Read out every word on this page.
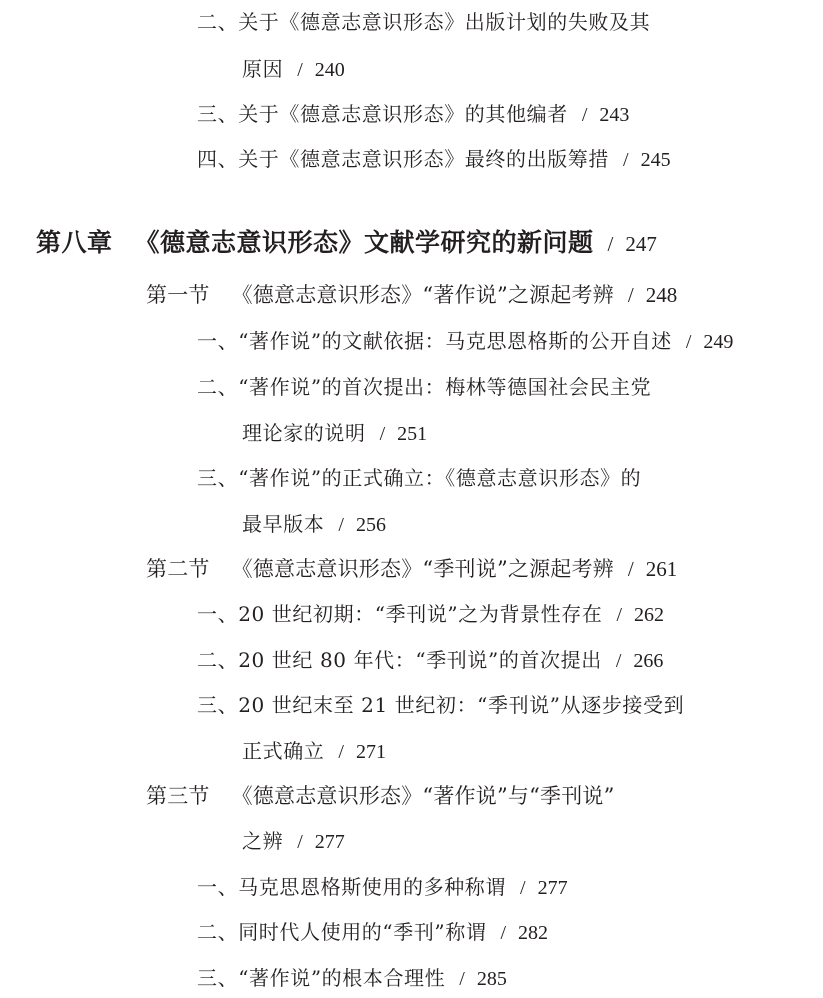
二、关于《德意志意识形态》出版计划的失败及其
原因 / 240
三、关于《德意志意识形态》的其他编者 / 243
四、关于《德意志意识形态》最终的出版筹措 / 245
第八章 《德意志意识形态》文献学研究的新问题 / 247
第一节 《德意志意识形态》“著作说”之源起考辨 / 248
一、“著作说”的文献依据：马克思恩格斯的公开自述 / 249
二、“著作说”的首次提出：梅林等德国社会民主党
理论家的说明 / 251
三、“著作说”的正式确立：《德意志意识形态》的
最早版本 / 256
第二节 《德意志意识形态》“季刊说”之源起考辨 / 261
一、20 世纪初期：“季刊说”之为背景性存在 / 262
二、20 世纪 80 年代：“季刊说”的首次提出 / 266
三、20 世纪末至 21 世纪初：“季刊说”从逐步接受到
正式确立 / 271
第三节 《德意志意识形态》“著作说”与“季刊说”
之辨 / 277
一、马克思恩格斯使用的多种称谓 / 277
二、同时代人使用的“季刊”称谓 / 282
三、“著作说”的根本合理性 / 285
